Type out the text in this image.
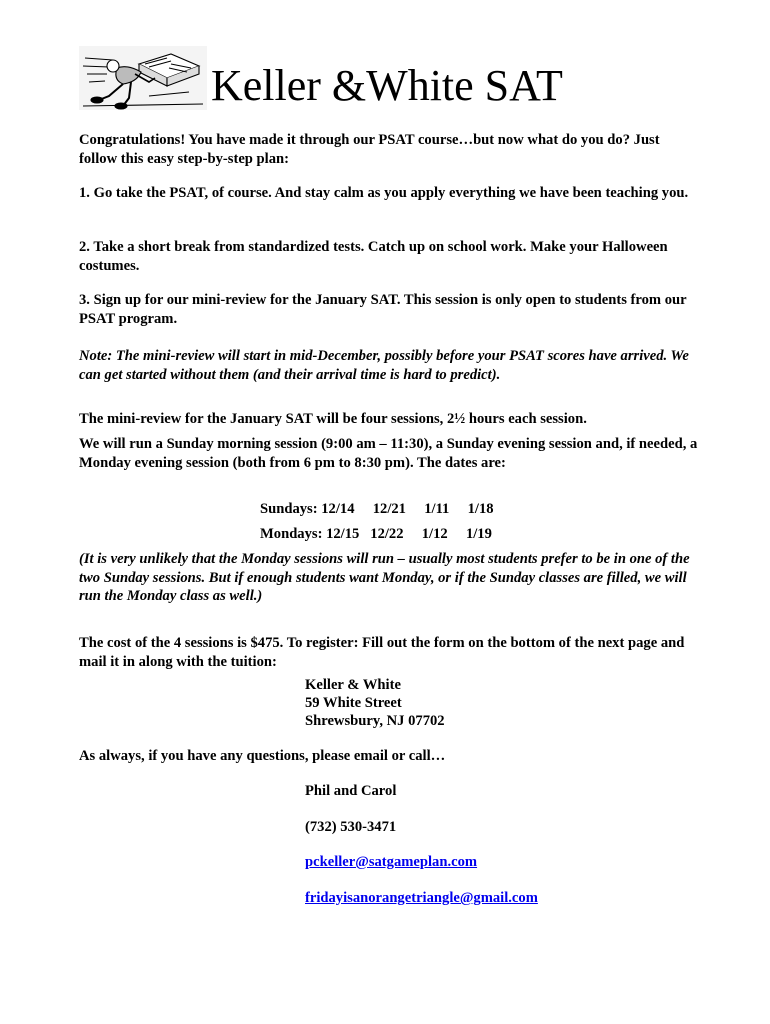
Keller &White SAT

Congratulations! You have made it through our PSAT course…but now what do you do? Just follow this easy step-by-step plan:

1. Go take the PSAT, of course. And stay calm as you apply everything we have been teaching you.

2. Take a short break from standardized tests. Catch up on school work. Make your Halloween costumes.

3. Sign up for our mini-review for the January SAT. This session is only open to students from our PSAT program.

Note: The mini-review will start in mid-December, possibly before your PSAT scores have arrived. We can get started without them (and their arrival time is hard to predict).

The mini-review for the January SAT will be four sessions, 2½ hours each session.

We will run a Sunday morning session (9:00 am – 11:30), a Sunday evening session and, if needed, a Monday evening session (both from 6 pm to 8:30 pm). The dates are:

Sundays: 12/14     12/21     1/11     1/18
Mondays: 12/15   12/22     1/12     1/19

(It is very unlikely that the Monday sessions will run – usually most students prefer to be in one of the two Sunday sessions. But if enough students want Monday, or if the Sunday classes are filled, we will run the Monday class as well.)

The cost of the 4 sessions is $475. To register: Fill out the form on the bottom of the next page and mail it in along with the tuition:

Keller & White
59 White Street
Shrewsbury, NJ 07702

As always, if you have any questions, please email or call…

Phil and Carol
(732) 530-3471
pckeller@satgameplan.com
fridayisanorangetriangle@gmail.com
